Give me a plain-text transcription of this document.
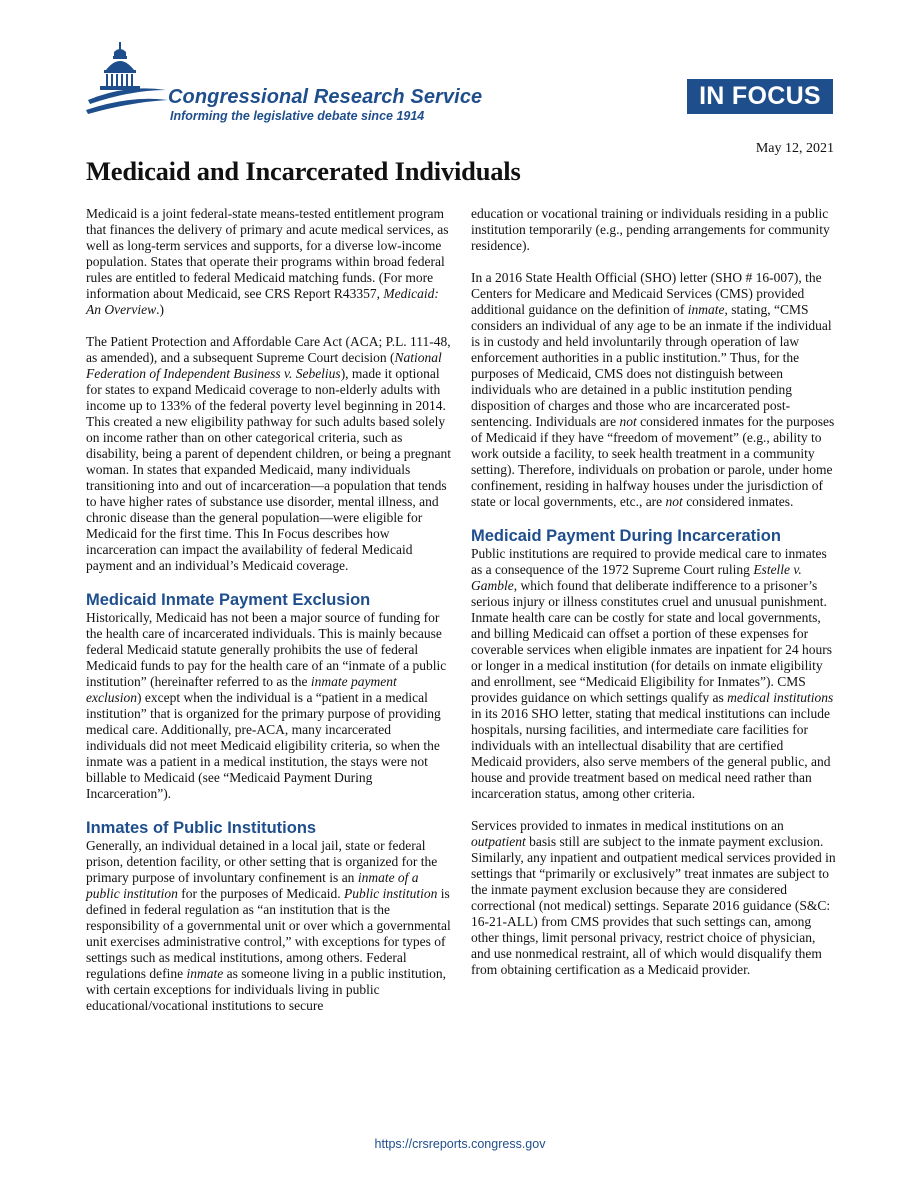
Congressional Research Service
Informing the legislative debate since 1914
IN FOCUS
May 12, 2021
Medicaid and Incarcerated Individuals

Medicaid is a joint federal-state means-tested entitlement program that finances the delivery of primary and acute medical services, as well as long-term services and supports, for a diverse low-income population. States that operate their programs within broad federal rules are entitled to federal Medicaid matching funds. (For more information about Medicaid, see CRS Report R43357, Medicaid: An Overview.)

The Patient Protection and Affordable Care Act (ACA; P.L. 111-48, as amended), and a subsequent Supreme Court decision (National Federation of Independent Business v. Sebelius), made it optional for states to expand Medicaid coverage to non-elderly adults with income up to 133% of the federal poverty level beginning in 2014. This created a new eligibility pathway for such adults based solely on income rather than on other categorical criteria, such as disability, being a parent of dependent children, or being a pregnant woman. In states that expanded Medicaid, many individuals transitioning into and out of incarceration—a population that tends to have higher rates of substance use disorder, mental illness, and chronic disease than the general population—were eligible for Medicaid for the first time. This In Focus describes how incarceration can impact the availability of federal Medicaid payment and an individual’s Medicaid coverage.

Medicaid Inmate Payment Exclusion

Historically, Medicaid has not been a major source of funding for the health care of incarcerated individuals. This is mainly because federal Medicaid statute generally prohibits the use of federal Medicaid funds to pay for the health care of an “inmate of a public institution” (hereinafter referred to as the inmate payment exclusion) except when the individual is a “patient in a medical institution” that is organized for the primary purpose of providing medical care. Additionally, pre-ACA, many incarcerated individuals did not meet Medicaid eligibility criteria, so when the inmate was a patient in a medical institution, the stays were not billable to Medicaid (see “Medicaid Payment During Incarceration”).

Inmates of Public Institutions

Generally, an individual detained in a local jail, state or federal prison, detention facility, or other setting that is organized for the primary purpose of involuntary confinement is an inmate of a public institution for the purposes of Medicaid. Public institution is defined in federal regulation as “an institution that is the responsibility of a governmental unit or over which a governmental unit exercises administrative control,” with exceptions for types of settings such as medical institutions, among others. Federal regulations define inmate as someone living in a public institution, with certain exceptions for individuals living in public educational/vocational institutions to secure

education or vocational training or individuals residing in a public institution temporarily (e.g., pending arrangements for community residence).

In a 2016 State Health Official (SHO) letter (SHO # 16-007), the Centers for Medicare and Medicaid Services (CMS) provided additional guidance on the definition of inmate, stating, “CMS considers an individual of any age to be an inmate if the individual is in custody and held involuntarily through operation of law enforcement authorities in a public institution.” Thus, for the purposes of Medicaid, CMS does not distinguish between individuals who are detained in a public institution pending disposition of charges and those who are incarcerated post-sentencing. Individuals are not considered inmates for the purposes of Medicaid if they have “freedom of movement” (e.g., ability to work outside a facility, to seek health treatment in a community setting). Therefore, individuals on probation or parole, under home confinement, residing in halfway houses under the jurisdiction of state or local governments, etc., are not considered inmates.

Medicaid Payment During Incarceration

Public institutions are required to provide medical care to inmates as a consequence of the 1972 Supreme Court ruling Estelle v. Gamble, which found that deliberate indifference to a prisoner’s serious injury or illness constitutes cruel and unusual punishment. Inmate health care can be costly for state and local governments, and billing Medicaid can offset a portion of these expenses for coverable services when eligible inmates are inpatient for 24 hours or longer in a medical institution (for details on inmate eligibility and enrollment, see “Medicaid Eligibility for Inmates”). CMS provides guidance on which settings qualify as medical institutions in its 2016 SHO letter, stating that medical institutions can include hospitals, nursing facilities, and intermediate care facilities for individuals with an intellectual disability that are certified Medicaid providers, also serve members of the general public, and house and provide treatment based on medical need rather than incarceration status, among other criteria.

Services provided to inmates in medical institutions on an outpatient basis still are subject to the inmate payment exclusion. Similarly, any inpatient and outpatient medical services provided in settings that “primarily or exclusively” treat inmates are subject to the inmate payment exclusion because they are considered correctional (not medical) settings. Separate 2016 guidance (S&C: 16-21-ALL) from CMS provides that such settings can, among other things, limit personal privacy, restrict choice of physician, and use nonmedical restraint, all of which would disqualify them from obtaining certification as a Medicaid provider.

https://crsreports.congress.gov
